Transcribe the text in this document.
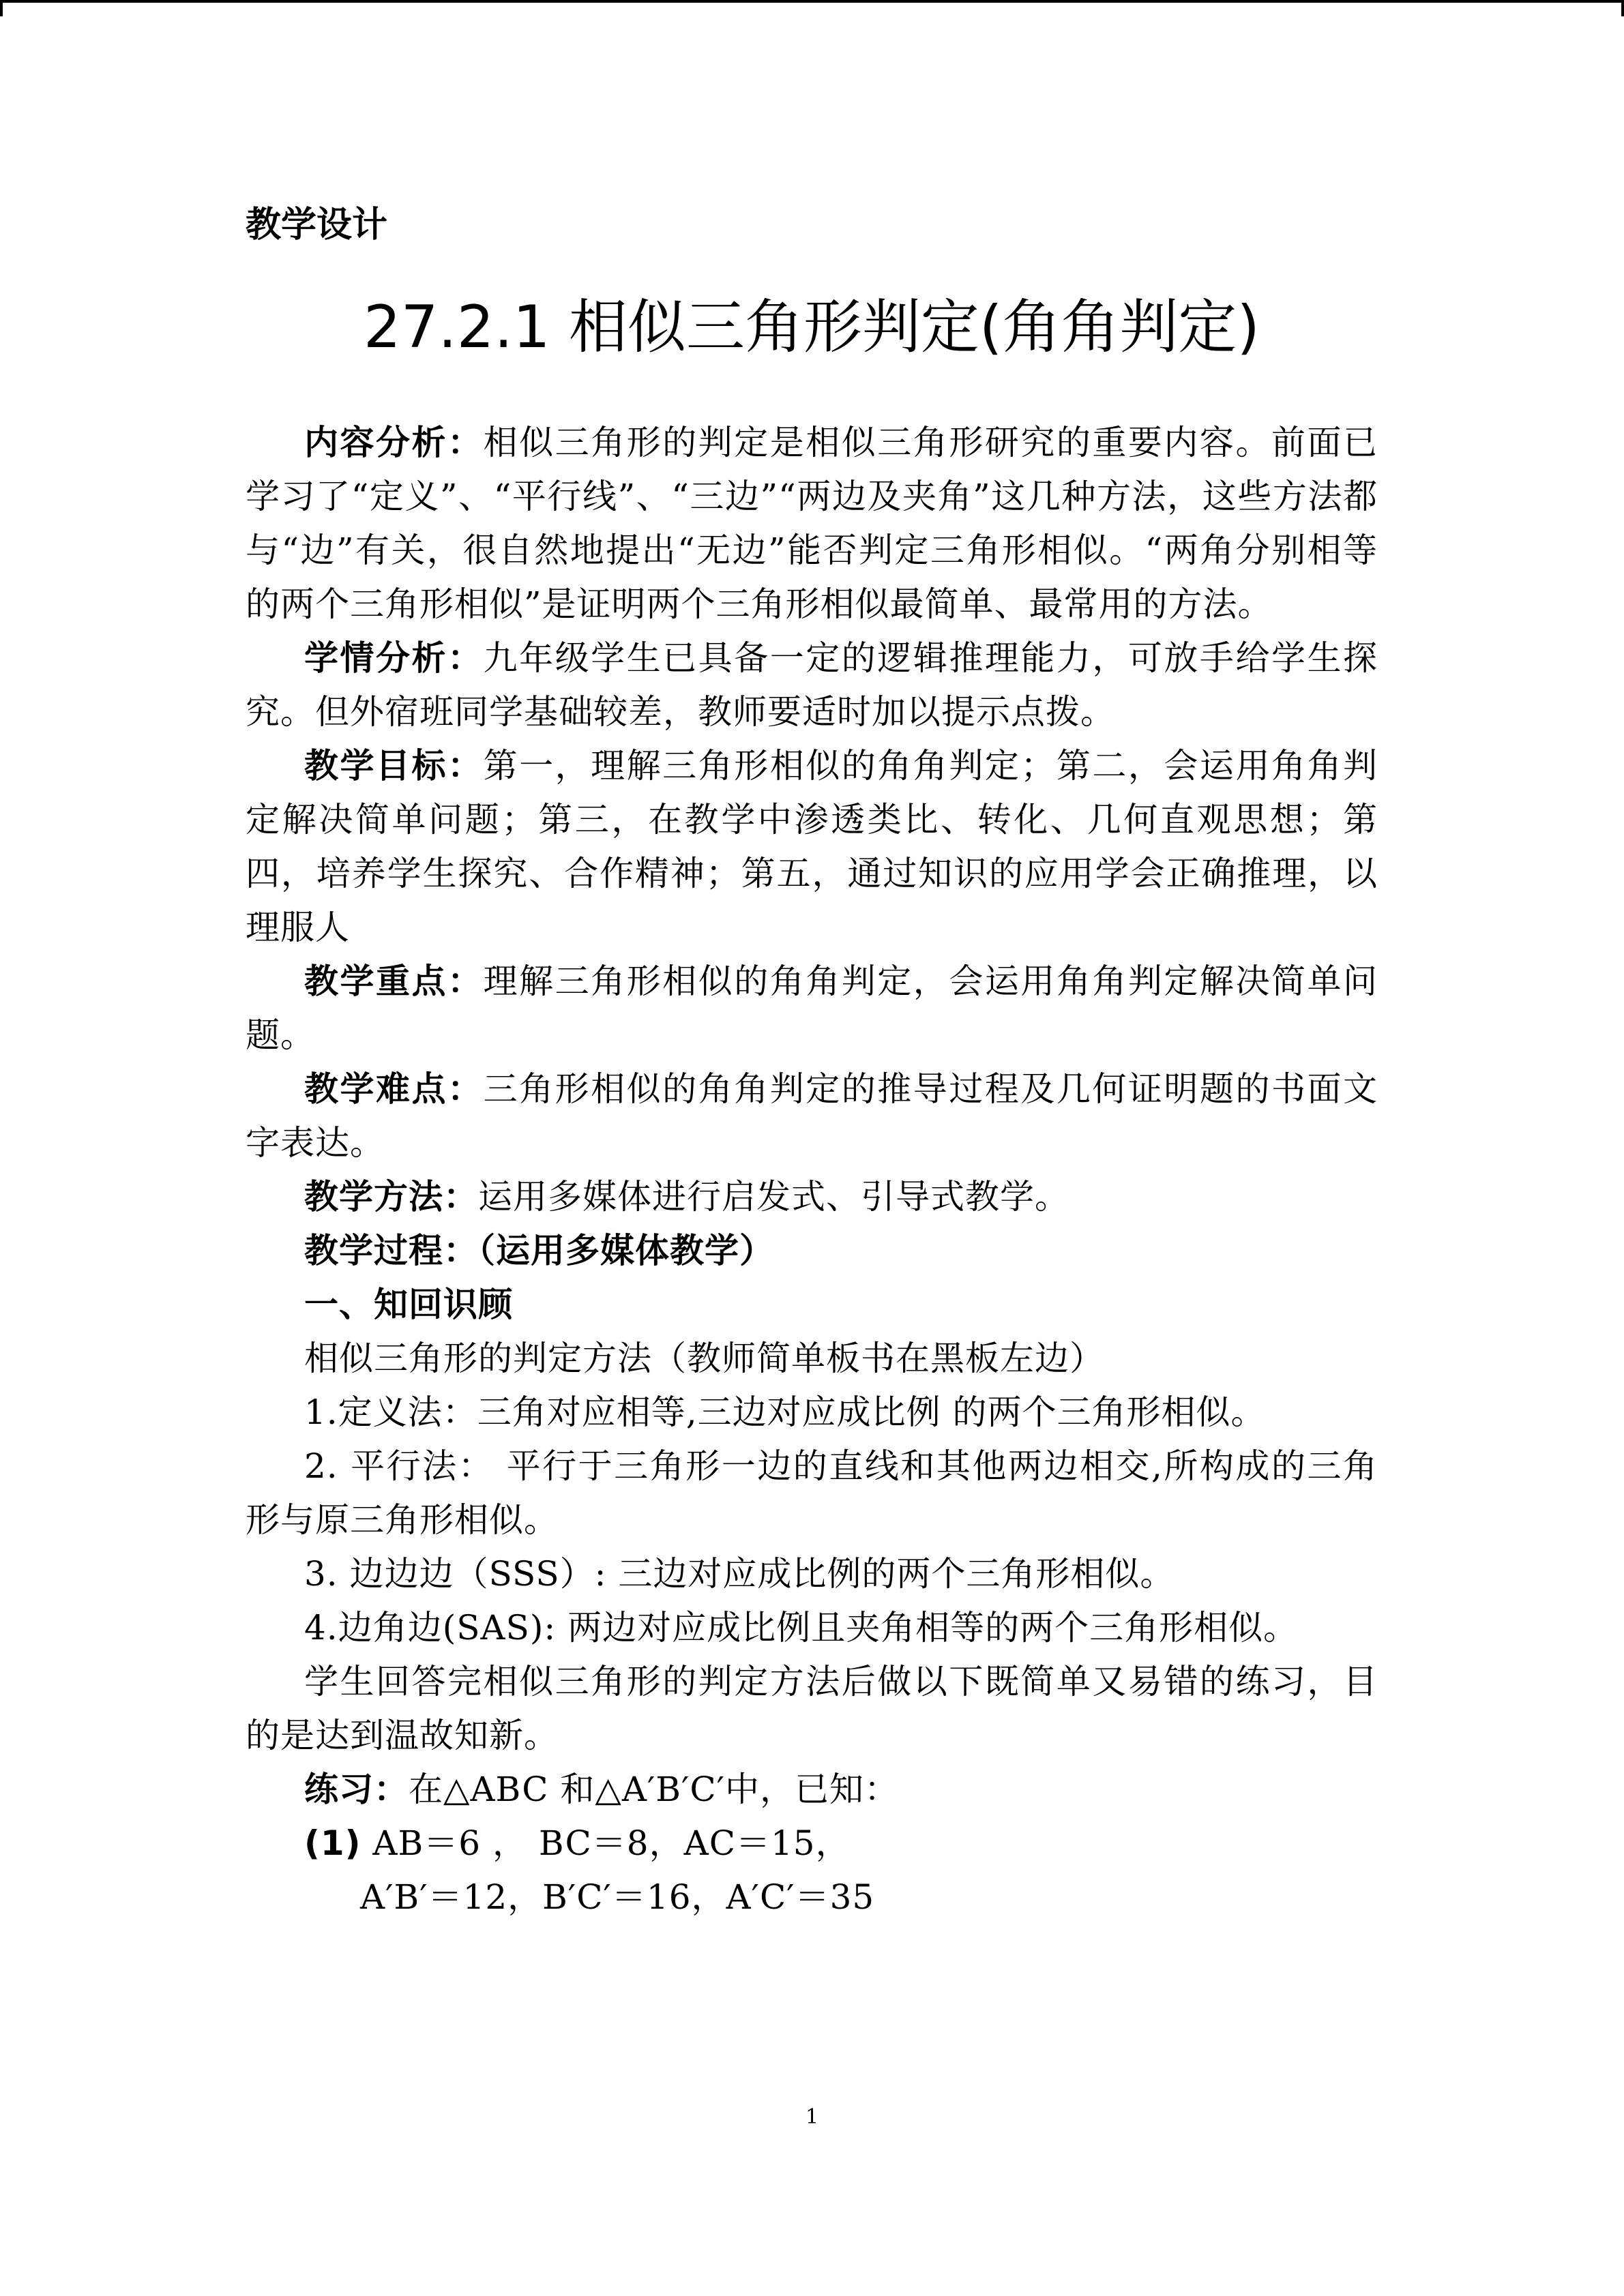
教学设计
27.2.1 相似三角形判定(角角判定)

内容分析：相似三角形的判定是相似三角形研究的重要内容。前面已学习了“定义”、“平行线”、“三边”“两边及夹角”这几种方法，这些方法都与“边”有关，很自然地提出“无边”能否判定三角形相似。“两角分别相等的两个三角形相似”是证明两个三角形相似最简单、最常用的方法。

学情分析：九年级学生已具备一定的逻辑推理能力，可放手给学生探究。但外宿班同学基础较差，教师要适时加以提示点拨。

教学目标：第一，理解三角形相似的角角判定；第二，会运用角角判定解决简单问题；第三，在教学中渗透类比、转化、几何直观思想；第四，培养学生探究、合作精神；第五，通过知识的应用学会正确推理，以理服人

教学重点：理解三角形相似的角角判定，会运用角角判定解决简单问题。

教学难点：三角形相似的角角判定的推导过程及几何证明题的书面文字表达。

教学方法：运用多媒体进行启发式、引导式教学。

教学过程：（运用多媒体教学）

一、知回识顾

相似三角形的判定方法（教师简单板书在黑板左边）

1.定义法：三角对应相等,三边对应成比例 的两个三角形相似。

2. 平行法： 平行于三角形一边的直线和其他两边相交,所构成的三角形与原三角形相似。

3. 边边边（SSS）: 三边对应成比例的两个三角形相似。

4.边角边(SAS): 两边对应成比例且夹角相等的两个三角形相似。

学生回答完相似三角形的判定方法后做以下既简单又易错的练习，目的是达到温故知新。

练习：在△ABC 和△A′B′C′中，已知：

(1) AB＝6 ， BC＝8，AC＝15，

A′B′＝12，B′C′＝16，A′C′＝35

1
